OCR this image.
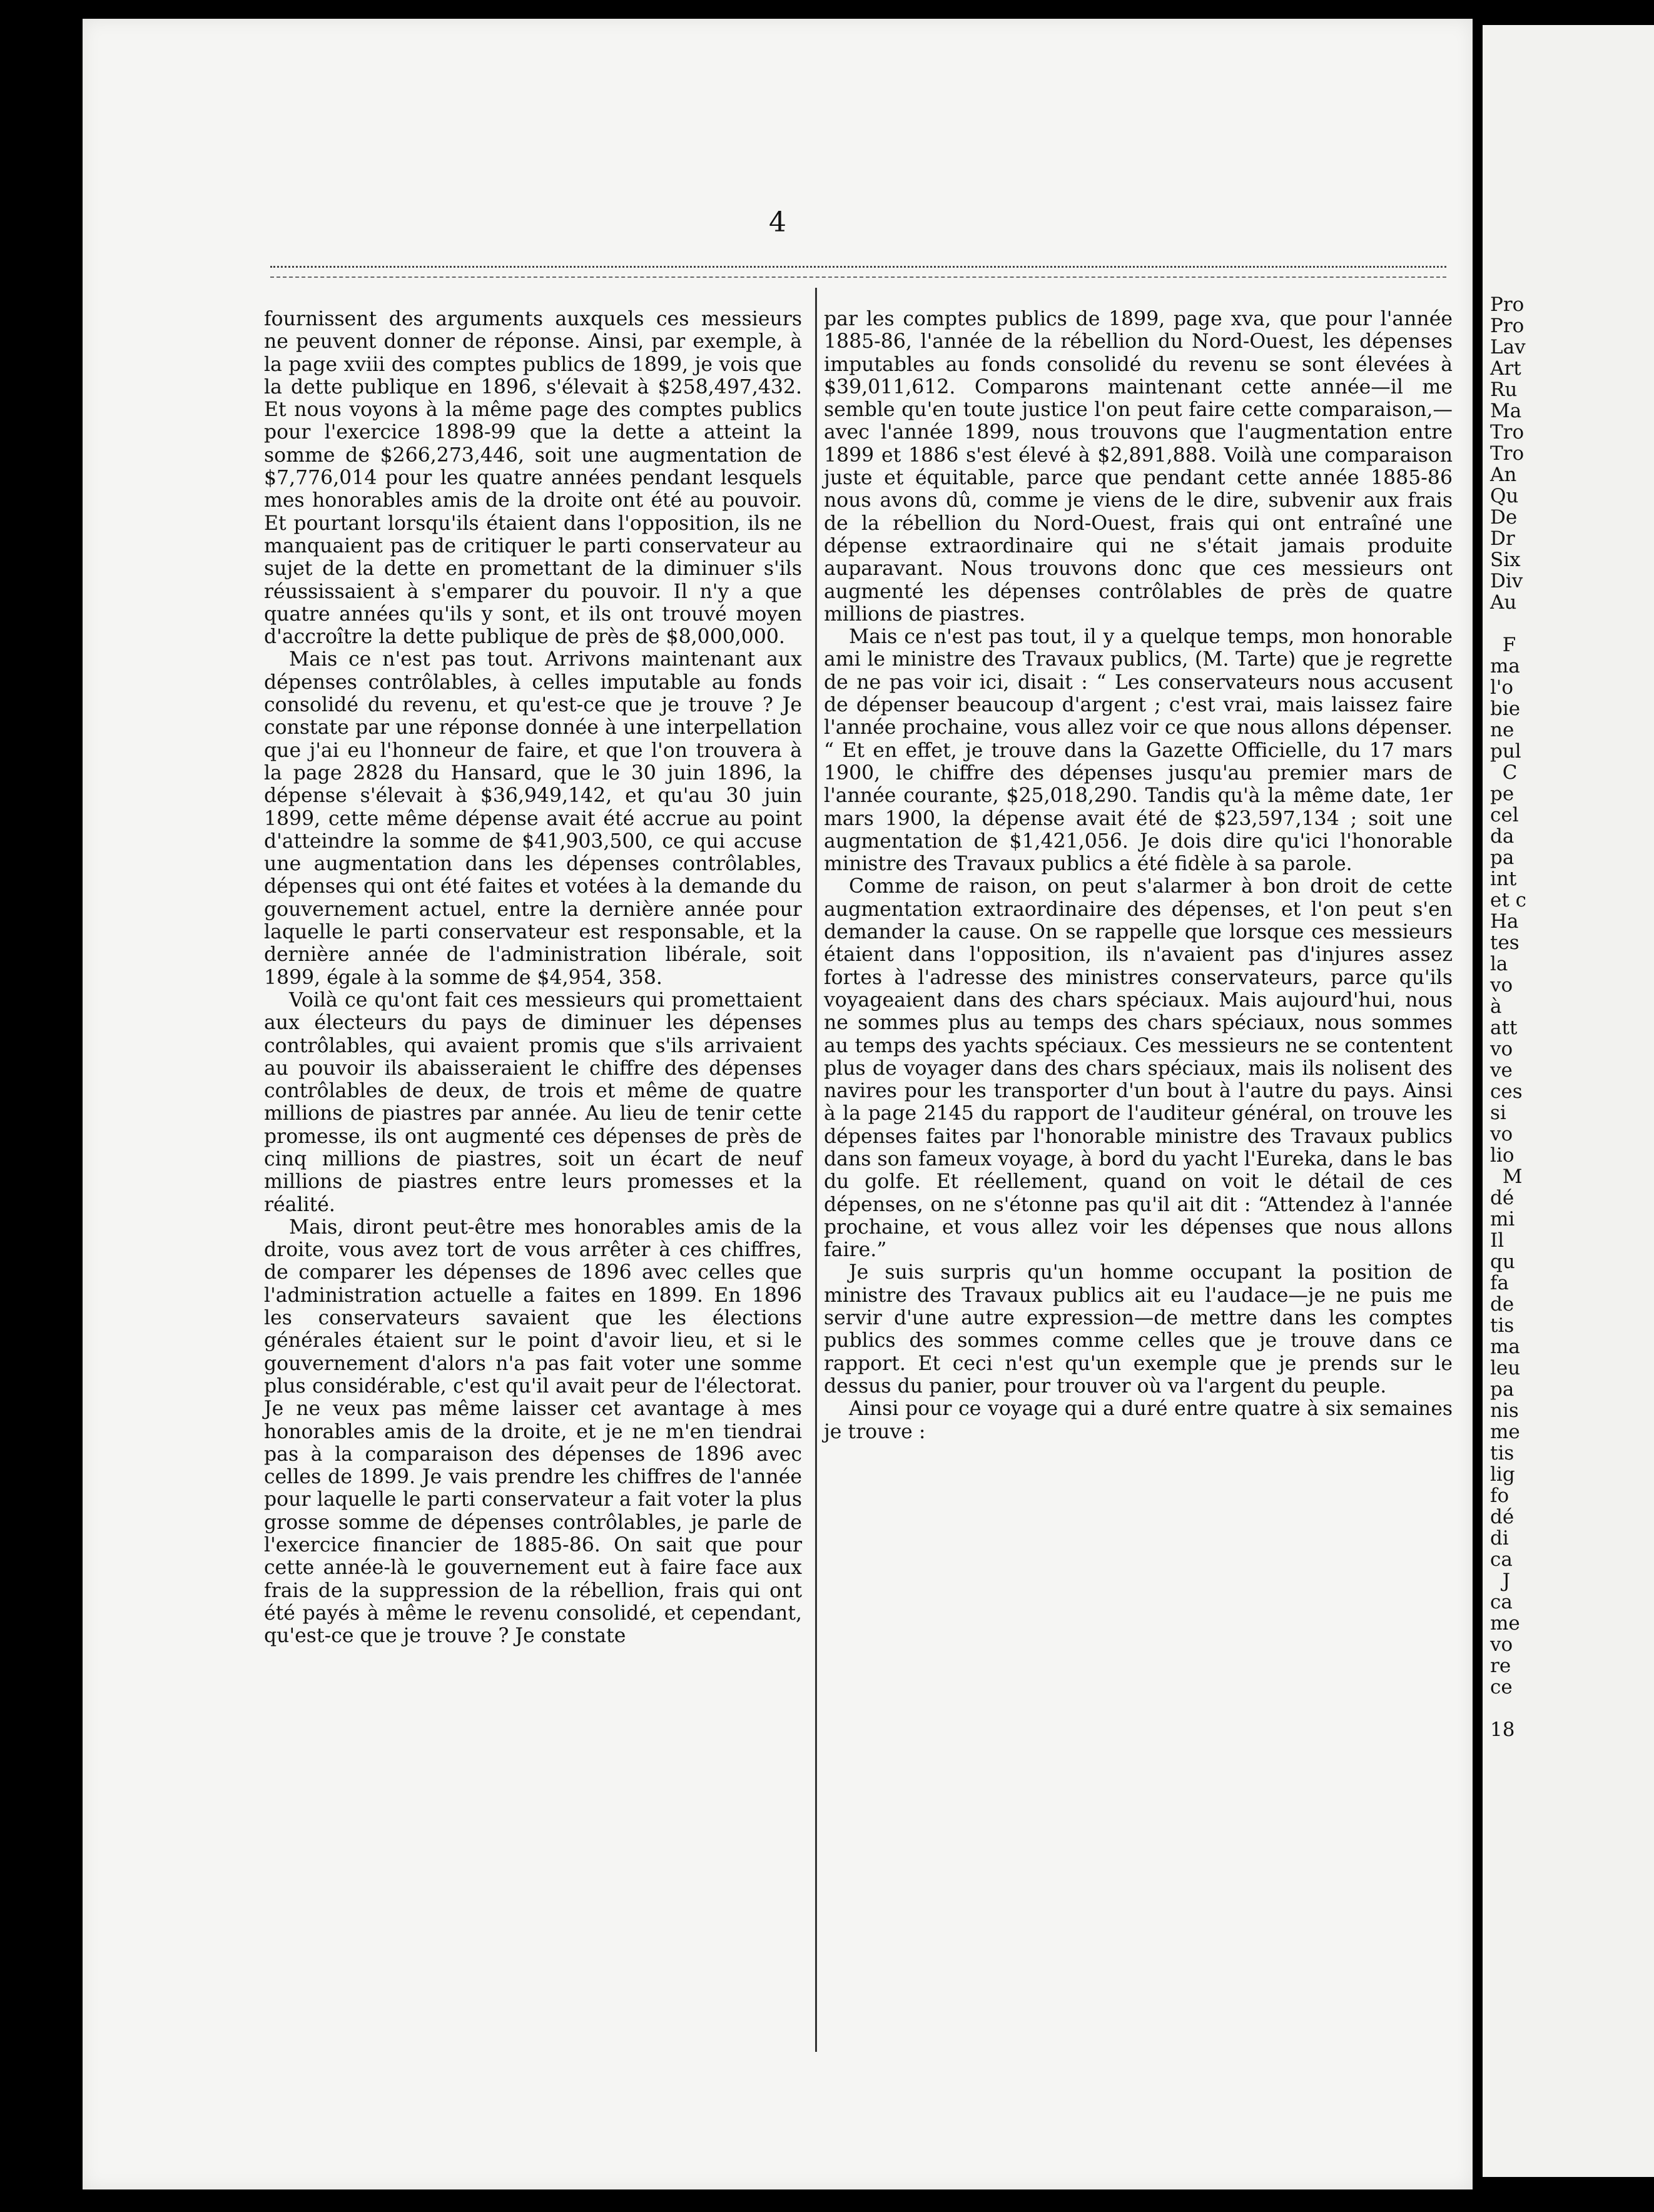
4

fournissent des arguments auxquels ces messieurs ne peuvent donner de réponse. Ainsi, par exemple, à la page xviii des comptes publics de 1899, je vois que la dette publique en 1896, s'élevait à $258,497,432. Et nous voyons à la même page des comptes publics pour l'exercice 1898-99 que la dette a atteint la somme de $266,273,446, soit une augmentation de $7,776,014 pour les quatre années pendant lesquels mes honorables amis de la droite ont été au pouvoir. Et pourtant lorsqu'ils étaient dans l'opposition, ils ne manquaient pas de critiquer le parti conservateur au sujet de la dette en promettant de la diminuer s'ils réussissaient à s'emparer du pouvoir. Il n'y a que quatre années qu'ils y sont, et ils ont trouvé moyen d'accroître la dette publique de près de $8,000,000.

Mais ce n'est pas tout. Arrivons maintenant aux dépenses contrôlables, à celles imputable au fonds consolidé du revenu, et qu'est-ce que je trouve ? Je constate par une réponse donnée à une interpellation que j'ai eu l'honneur de faire, et que l'on trouvera à la page 2828 du Hansard, que le 30 juin 1896, la dépense s'élevait à $36,949,142, et qu'au 30 juin 1899, cette même dépense avait été accrue au point d'atteindre la somme de $41,903,500, ce qui accuse une augmentation dans les dépenses contrôlables, dépenses qui ont été faites et votées à la demande du gouvernement actuel, entre la dernière année pour laquelle le parti conservateur est responsable, et la dernière année de l'administration libérale, soit 1899, égale à la somme de $4,954, 358.

Voilà ce qu'ont fait ces messieurs qui promettaient aux électeurs du pays de diminuer les dépenses contrôlables, qui avaient promis que s'ils arrivaient au pouvoir ils abaisseraient le chiffre des dépenses contrôlables de deux, de trois et même de quatre millions de piastres par année. Au lieu de tenir cette promesse, ils ont augmenté ces dépenses de près de cinq millions de piastres, soit un écart de neuf millions de piastres entre leurs promesses et la réalité.

Mais, diront peut-être mes honorables amis de la droite, vous avez tort de vous arrêter à ces chiffres, de comparer les dépenses de 1896 avec celles que l'administration actuelle a faites en 1899. En 1896 les conservateurs savaient que les élections générales étaient sur le point d'avoir lieu, et si le gouvernement d'alors n'a pas fait voter une somme plus considérable, c'est qu'il avait peur de l'électorat. Je ne veux pas même laisser cet avantage à mes honorables amis de la droite, et je ne m'en tiendrai pas à la comparaison des dépenses de 1896 avec celles de 1899. Je vais prendre les chiffres de l'année pour laquelle le parti conservateur a fait voter la plus grosse somme de dépenses contrôlables, je parle de l'exercice financier de 1885-86. On sait que pour cette année-là le gouvernement eut à faire face aux frais de la suppression de la rébellion, frais qui ont été payés à même le revenu consolidé, et cependant, qu'est-ce que je trouve ? Je constate

par les comptes publics de 1899, page xva, que pour l'année 1885-86, l'année de la rébellion du Nord-Ouest, les dépenses imputables au fonds consolidé du revenu se sont élevées à $39,011,612. Comparons maintenant cette année—il me semble qu'en toute justice l'on peut faire cette comparaison,—avec l'année 1899, nous trouvons que l'augmentation entre 1899 et 1886 s'est élevé à $2,891,888. Voilà une comparaison juste et équitable, parce que pendant cette année 1885-86 nous avons dû, comme je viens de le dire, subvenir aux frais de la rébellion du Nord-Ouest, frais qui ont entraîné une dépense extraordinaire qui ne s'était jamais produite auparavant. Nous trouvons donc que ces messieurs ont augmenté les dépenses contrôlables de près de quatre millions de piastres.

Mais ce n'est pas tout, il y a quelque temps, mon honorable ami le ministre des Travaux publics, (M. Tarte) que je regrette de ne pas voir ici, disait : “ Les conservateurs nous accusent de dépenser beaucoup d'argent ; c'est vrai, mais laissez faire l'année prochaine, vous allez voir ce que nous allons dépenser. “ Et en effet, je trouve dans la Gazette Officielle, du 17 mars 1900, le chiffre des dépenses jusqu'au premier mars de l'année courante, $25,018,290. Tandis qu'à la même date, 1er mars 1900, la dépense avait été de $23,597,134 ; soit une augmentation de $1,421,056. Je dois dire qu'ici l'honorable ministre des Travaux publics a été fidèle à sa parole.

Comme de raison, on peut s'alarmer à bon droit de cette augmentation extraordinaire des dépenses, et l'on peut s'en demander la cause. On se rappelle que lorsque ces messieurs étaient dans l'opposition, ils n'avaient pas d'injures assez fortes à l'adresse des ministres conservateurs, parce qu'ils voyageaient dans des chars spéciaux. Mais aujourd'hui, nous ne sommes plus au temps des chars spéciaux, nous sommes au temps des yachts spéciaux. Ces messieurs ne se contentent plus de voyager dans des chars spéciaux, mais ils nolisent des navires pour les transporter d'un bout à l'autre du pays. Ainsi à la page 2145 du rapport de l'auditeur général, on trouve les dépenses faites par l'honorable ministre des Travaux publics dans son fameux voyage, à bord du yacht l'Eureka, dans le bas du golfe. Et réellement, quand on voit le détail de ces dépenses, on ne s'étonne pas qu'il ait dit : “Attendez à l'année prochaine, et vous allez voir les dépenses que nous allons faire.”

Je suis surpris qu'un homme occupant la position de ministre des Travaux publics ait eu l'audace—je ne puis me servir d'une autre expression—de mettre dans les comptes publics des sommes comme celles que je trouve dans ce rapport. Et ceci n'est qu'un exemple que je prends sur le dessus du panier, pour trouver où va l'argent du peuple.

Ainsi pour ce voyage qui a duré entre quatre à six semaines je trouve :

Pro
Pro
Lav
Art
Ru
Ma
Tro
Tro
An
Qu
De
Dr
Six
Div
Au

F
ma
l'o
bie
ne
pul
C
pe
cel
da
pa
int
et c
Ha
tes
la
vo
à
att
vo
ve
ces
si
vo
lio
M
dé
mi
Il
qu
fa
de
tis
ma
leu
pa
nis
me
tis
lig
fo
dé
di
ca
J
ca
me
vo
re
ce

18
